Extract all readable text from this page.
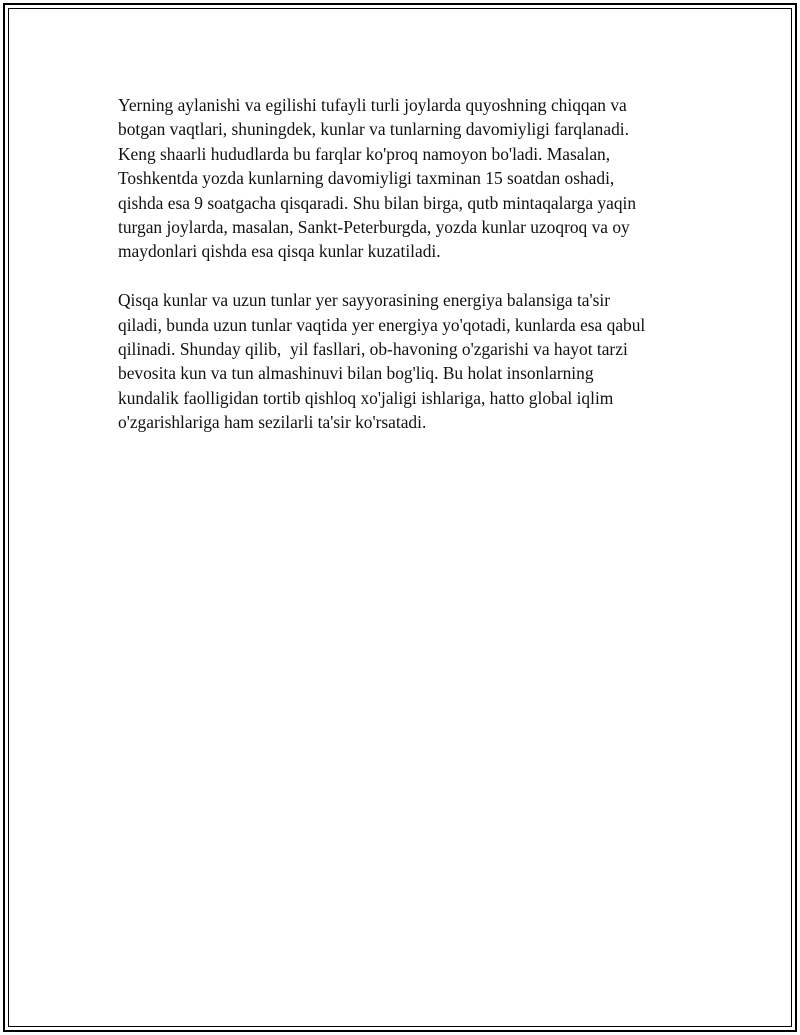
Yerning aylanishi va egilishi tufayli turli joylarda quyoshning chiqqan va
botgan vaqtlari, shuningdek, kunlar va tunlarning davomiyligi farqlanadi.
Keng shaarli hududlarda bu farqlar ko'proq namoyon bo'ladi. Masalan,
Toshkentda yozda kunlarning davomiyligi taxminan 15 soatdan oshadi,
qishda esa 9 soatgacha qisqaradi. Shu bilan birga, qutb mintaqalarga yaqin
turgan joylarda, masalan, Sankt-Peterburgda, yozda kunlar uzoqroq va oy
maydonlari qishda esa qisqa kunlar kuzatiladi.
Qisqa kunlar va uzun tunlar yer sayyorasining energiya balansiga ta'sir
qiladi, bunda uzun tunlar vaqtida yer energiya yo'qotadi, kunlarda esa qabul
qilinadi. Shunday qilib,  yil fasllari, ob-havoning o'zgarishi va hayot tarzi
bevosita kun va tun almashinuvi bilan bog'liq. Bu holat insonlarning
kundalik faolligidan tortib qishloq xo'jaligi ishlariga, hatto global iqlim
o'zgarishlariga ham sezilarli ta'sir ko'rsatadi.
